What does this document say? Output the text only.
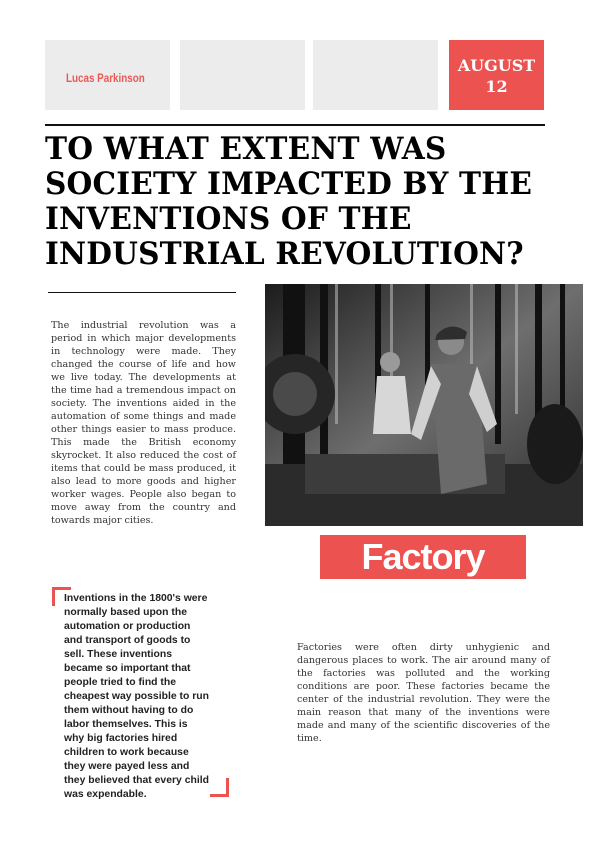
Lucas Parkinson
AUGUST
12
TO WHAT EXTENT WAS
SOCIETY IMPACTED BY THE
INVENTIONS OF THE
INDUSTRIAL REVOLUTION?
The industrial revolution was a period in which major developments in technology were made. They changed the course of life and how we live today. The developments at the time had a tremendous impact on society. The inventions aided in the automation of some things and made other things easier to mass produce. This made the British economy skyrocket. It also reduced the cost of items that could be mass produced, it also lead to more goods and higher worker wages. People also began to move away from the country and towards major cities.
Factory Work
Inventions in the 1800's were normally based upon the automation or production and transport of goods to sell. These inventions became so important that people tried to find the cheapest way possible to run them without having to do labor themselves. This is why big factories hired children to work because they were payed less and they believed that every child was expendable.
Factories were often dirty unhygienic and dangerous places to work. The air around many of the factories was polluted and the working conditions are poor. These factories became the center of the industrial revolution. They were the main reason that many of the inventions were made and many of the scientific discoveries of the time.
